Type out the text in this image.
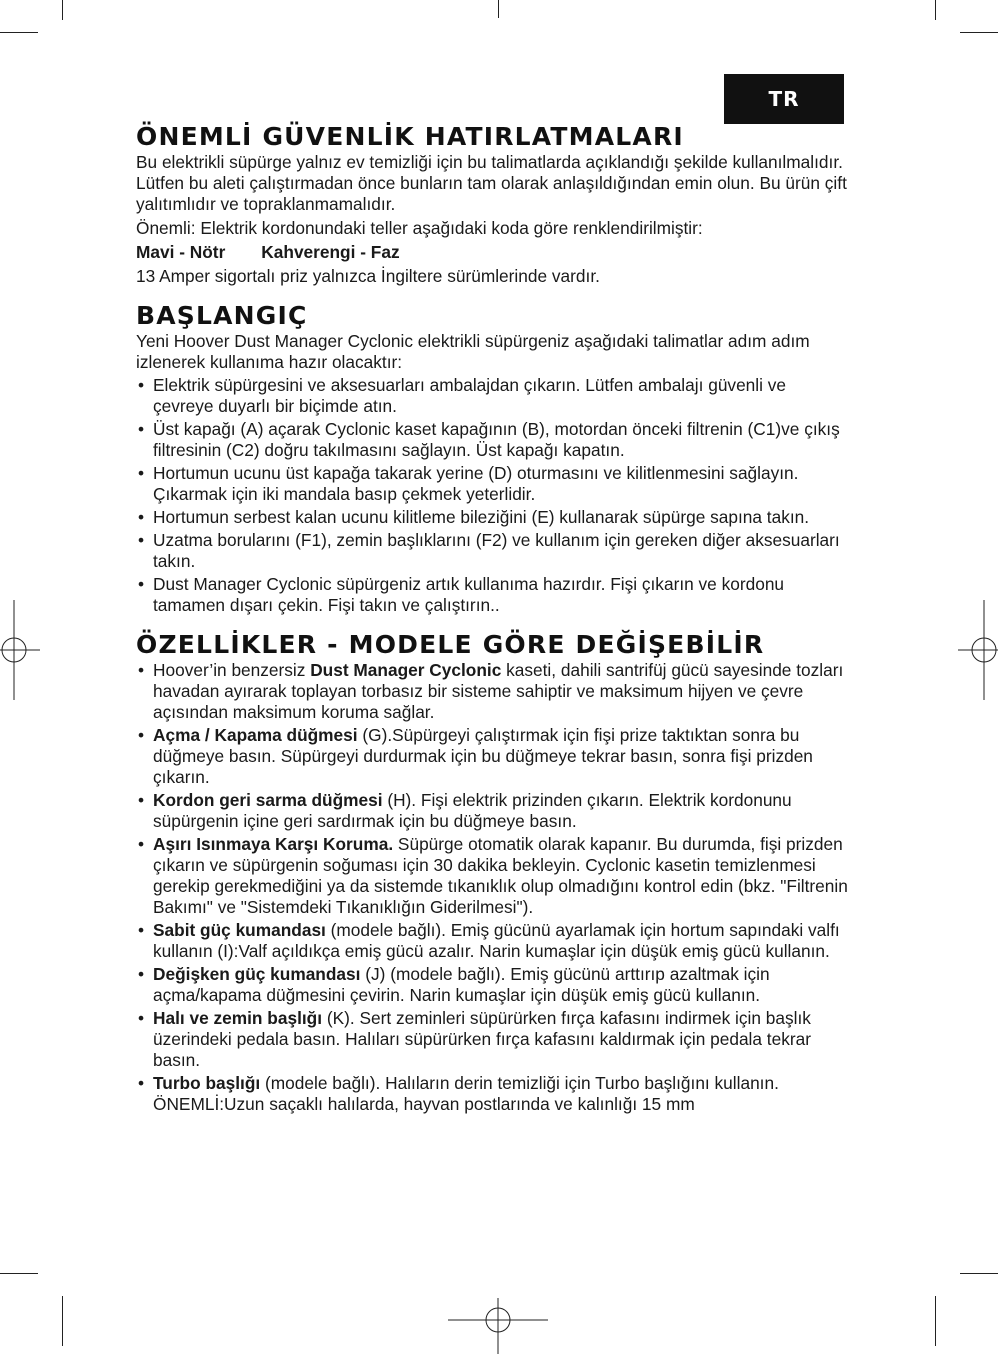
TR
ÖNEMLİ GÜVENLİK HATIRLATMALARI

Bu elektrikli süpürge yalnız ev temizliği için bu talimatlarda açıklandığı şekilde kullanılmalıdır. Lütfen bu aleti çalıştırmadan önce bunların tam olarak anlaşıldığından emin olun. Bu ürün çift yalıtımlıdır ve topraklanmamalıdır.

Önemli: Elektrik kordonundaki teller aşağıdaki koda göre renklendirilmiştir:

Mavi - Nötr Kahverengi - Faz

13 Amper sigortalı priz yalnızca İngiltere sürümlerinde vardır.

BAŞLANGIÇ

Yeni Hoover Dust Manager Cyclonic elektrikli süpürgeniz aşağıdaki talimatlar adım adım izlenerek kullanıma hazır olacaktır:

• Elektrik süpürgesini ve aksesuarları ambalajdan çıkarın. Lütfen ambalajı güvenli ve çevreye duyarlı bir biçimde atın.
• Üst kapağı (A) açarak Cyclonic kaset kapağının (B), motordan önceki filtrenin (C1)ve çıkış filtresinin (C2) doğru takılmasını sağlayın. Üst kapağı kapatın.
• Hortumun ucunu üst kapağa takarak yerine (D) oturmasını ve kilitlenmesini sağlayın. Çıkarmak için iki mandala basıp çekmek yeterlidir.
• Hortumun serbest kalan ucunu kilitleme bileziğini (E) kullanarak süpürge sapına takın.
• Uzatma borularını (F1), zemin başlıklarını (F2) ve kullanım için gereken diğer aksesuarları takın.
• Dust Manager Cyclonic süpürgeniz artık kullanıma hazırdır. Fişi çıkarın ve kordonu tamamen dışarı çekin. Fişi takın ve çalıştırın..
ÖZELLİKLER - MODELE GÖRE DEĞİŞEBİLİR
• Hoover’in benzersiz Dust Manager Cyclonic kaseti, dahili santrifüj gücü sayesinde tozları havadan ayırarak toplayan torbasız bir sisteme sahiptir ve maksimum hijyen ve çevre açısından maksimum koruma sağlar.
• Açma / Kapama düğmesi (G).Süpürgeyi çalıştırmak için fişi prize taktıktan sonra bu düğmeye basın. Süpürgeyi durdurmak için bu düğmeye tekrar basın, sonra fişi prizden çıkarın.
• Kordon geri sarma düğmesi (H). Fişi elektrik prizinden çıkarın. Elektrik kordonunu süpürgenin içine geri sardırmak için bu düğmeye basın.
• Aşırı Isınmaya Karşı Koruma. Süpürge otomatik olarak kapanır. Bu durumda, fişi prizden çıkarın ve süpürgenin soğuması için 30 dakika bekleyin. Cyclonic kasetin temizlenmesi gerekip gerekmediğini ya da sistemde tıkanıklık olup olmadığını kontrol edin (bkz. "Filtrenin Bakımı" ve "Sistemdeki Tıkanıklığın Giderilmesi").
• Sabit güç kumandası (modele bağlı). Emiş gücünü ayarlamak için hortum sapındaki valfı kullanın (I):Valf açıldıkça emiş gücü azalır. Narin kumaşlar için düşük emiş gücü kullanın.
• Değişken güç kumandası (J) (modele bağlı). Emiş gücünü arttırıp azaltmak için açma/kapama düğmesini çevirin. Narin kumaşlar için düşük emiş gücü kullanın.
• Halı ve zemin başlığı (K). Sert zeminleri süpürürken fırça kafasını indirmek için başlık üzerindeki pedala basın. Halıları süpürürken fırça kafasını kaldırmak için pedala tekrar basın.
• Turbo başlığı (modele bağlı). Halıların derin temizliği için Turbo başlığını kullanın. ÖNEMLİ:Uzun saçaklı halılarda, hayvan postlarında ve kalınlığı 15 mm
